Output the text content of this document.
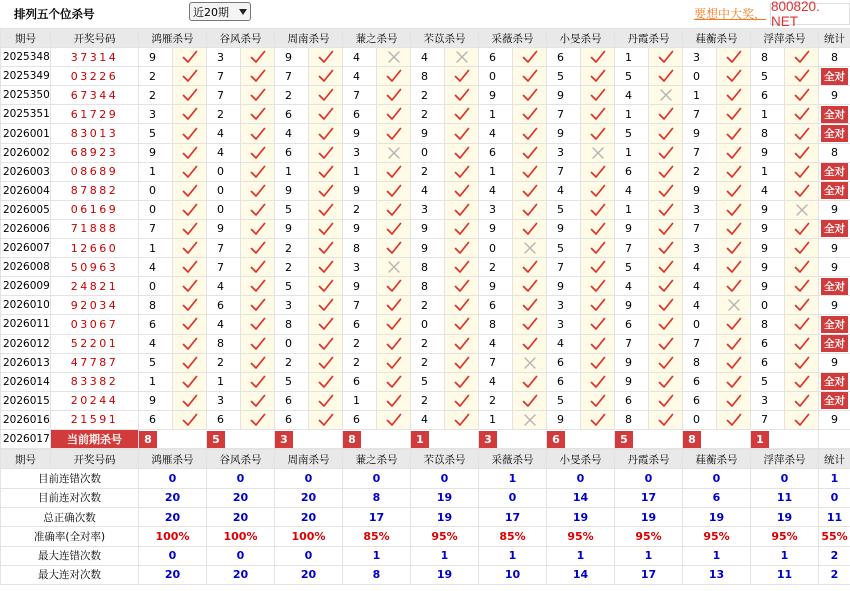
排列五个位杀号	近20期	要想中大奖， 800820. NET
期号	开奖号码	鸿雁杀号		谷风杀号		周南杀号		蒹之杀号		芣苡杀号		采薇杀号		小旻杀号		丹霞杀号		蓕蘅杀号		浮萍杀号		统计
2025348	37314	9		3		9		4		4		6		6		1		3		8		8
2025349	03226	2		7		7		4		8		0		5		5		0		5		全对
2025350	67344	2		7		2		7		2		9		9		4		1		6		9
2025351	61729	3		2		6		6		2		1		7		1		7		1		全对
2026001	83013	5		4		4		9		9		4		9		5		9		8		全对
2026002	68923	9		4		6		3		0		6		3		1		7		9		8
2026003	08689	1		0		1		1		2		1		7		6		2		1		全对
2026004	87882	0		0		9		9		4		4		4		4		9		4		全对
2026005	06169	0		0		5		2		3		3		5		1		3		9		9
2026006	71888	7		9		9		9		9		9		9		9		7		9		全对
2026007	12660	1		7		2		8		9		0		5		7		3		9		9
2026008	50963	4		7		2		3		8		2		7		5		4		9		9
2026009	24821	0		4		5		9		8		9		9		4		4		9		全对
2026010	92034	8		6		3		7		2		6		3		9		4		0		9
2026011	03067	6		4		8		6		0		8		3		6		0		8		全对
2026012	52201	4		8		0		2		2		4		4		7		7		6		全对
2026013	47787	5		2		2		2		2		7		6		9		8		6		9
2026014	83382	1		1		5		6		5		4		6		9		6		5		全对
2026015	20244	9		3		6		1		2		2		5		6		6		3		全对
2026016	21591	6		6		6		6		4		1		9		8		0		7		9
2026017	当前期杀号	8		5		3		8		1		3		6		5		8		1		
期号	开奖号码	鸿雁杀号	谷风杀号	周南杀号	蒹之杀号	芣苡杀号	采薇杀号	小旻杀号	丹霞杀号	蓕蘅杀号	浮萍杀号	统计
目前连错次数		0	0	0	0	0	1	0	0	0	0	1
目前连对次数		20	20	20	8	19	0	14	17	6	11	0
总正确次数		20	20	20	17	19	17	19	19	19	19	11
准确率(全对率)		100%	100%	100%	85%	95%	85%	95%	95%	95%	95%	55%
最大连错次数		0	0	0	1	1	1	1	1	1	1	2
最大连对次数		20	20	20	8	19	10	14	17	13	11	2
